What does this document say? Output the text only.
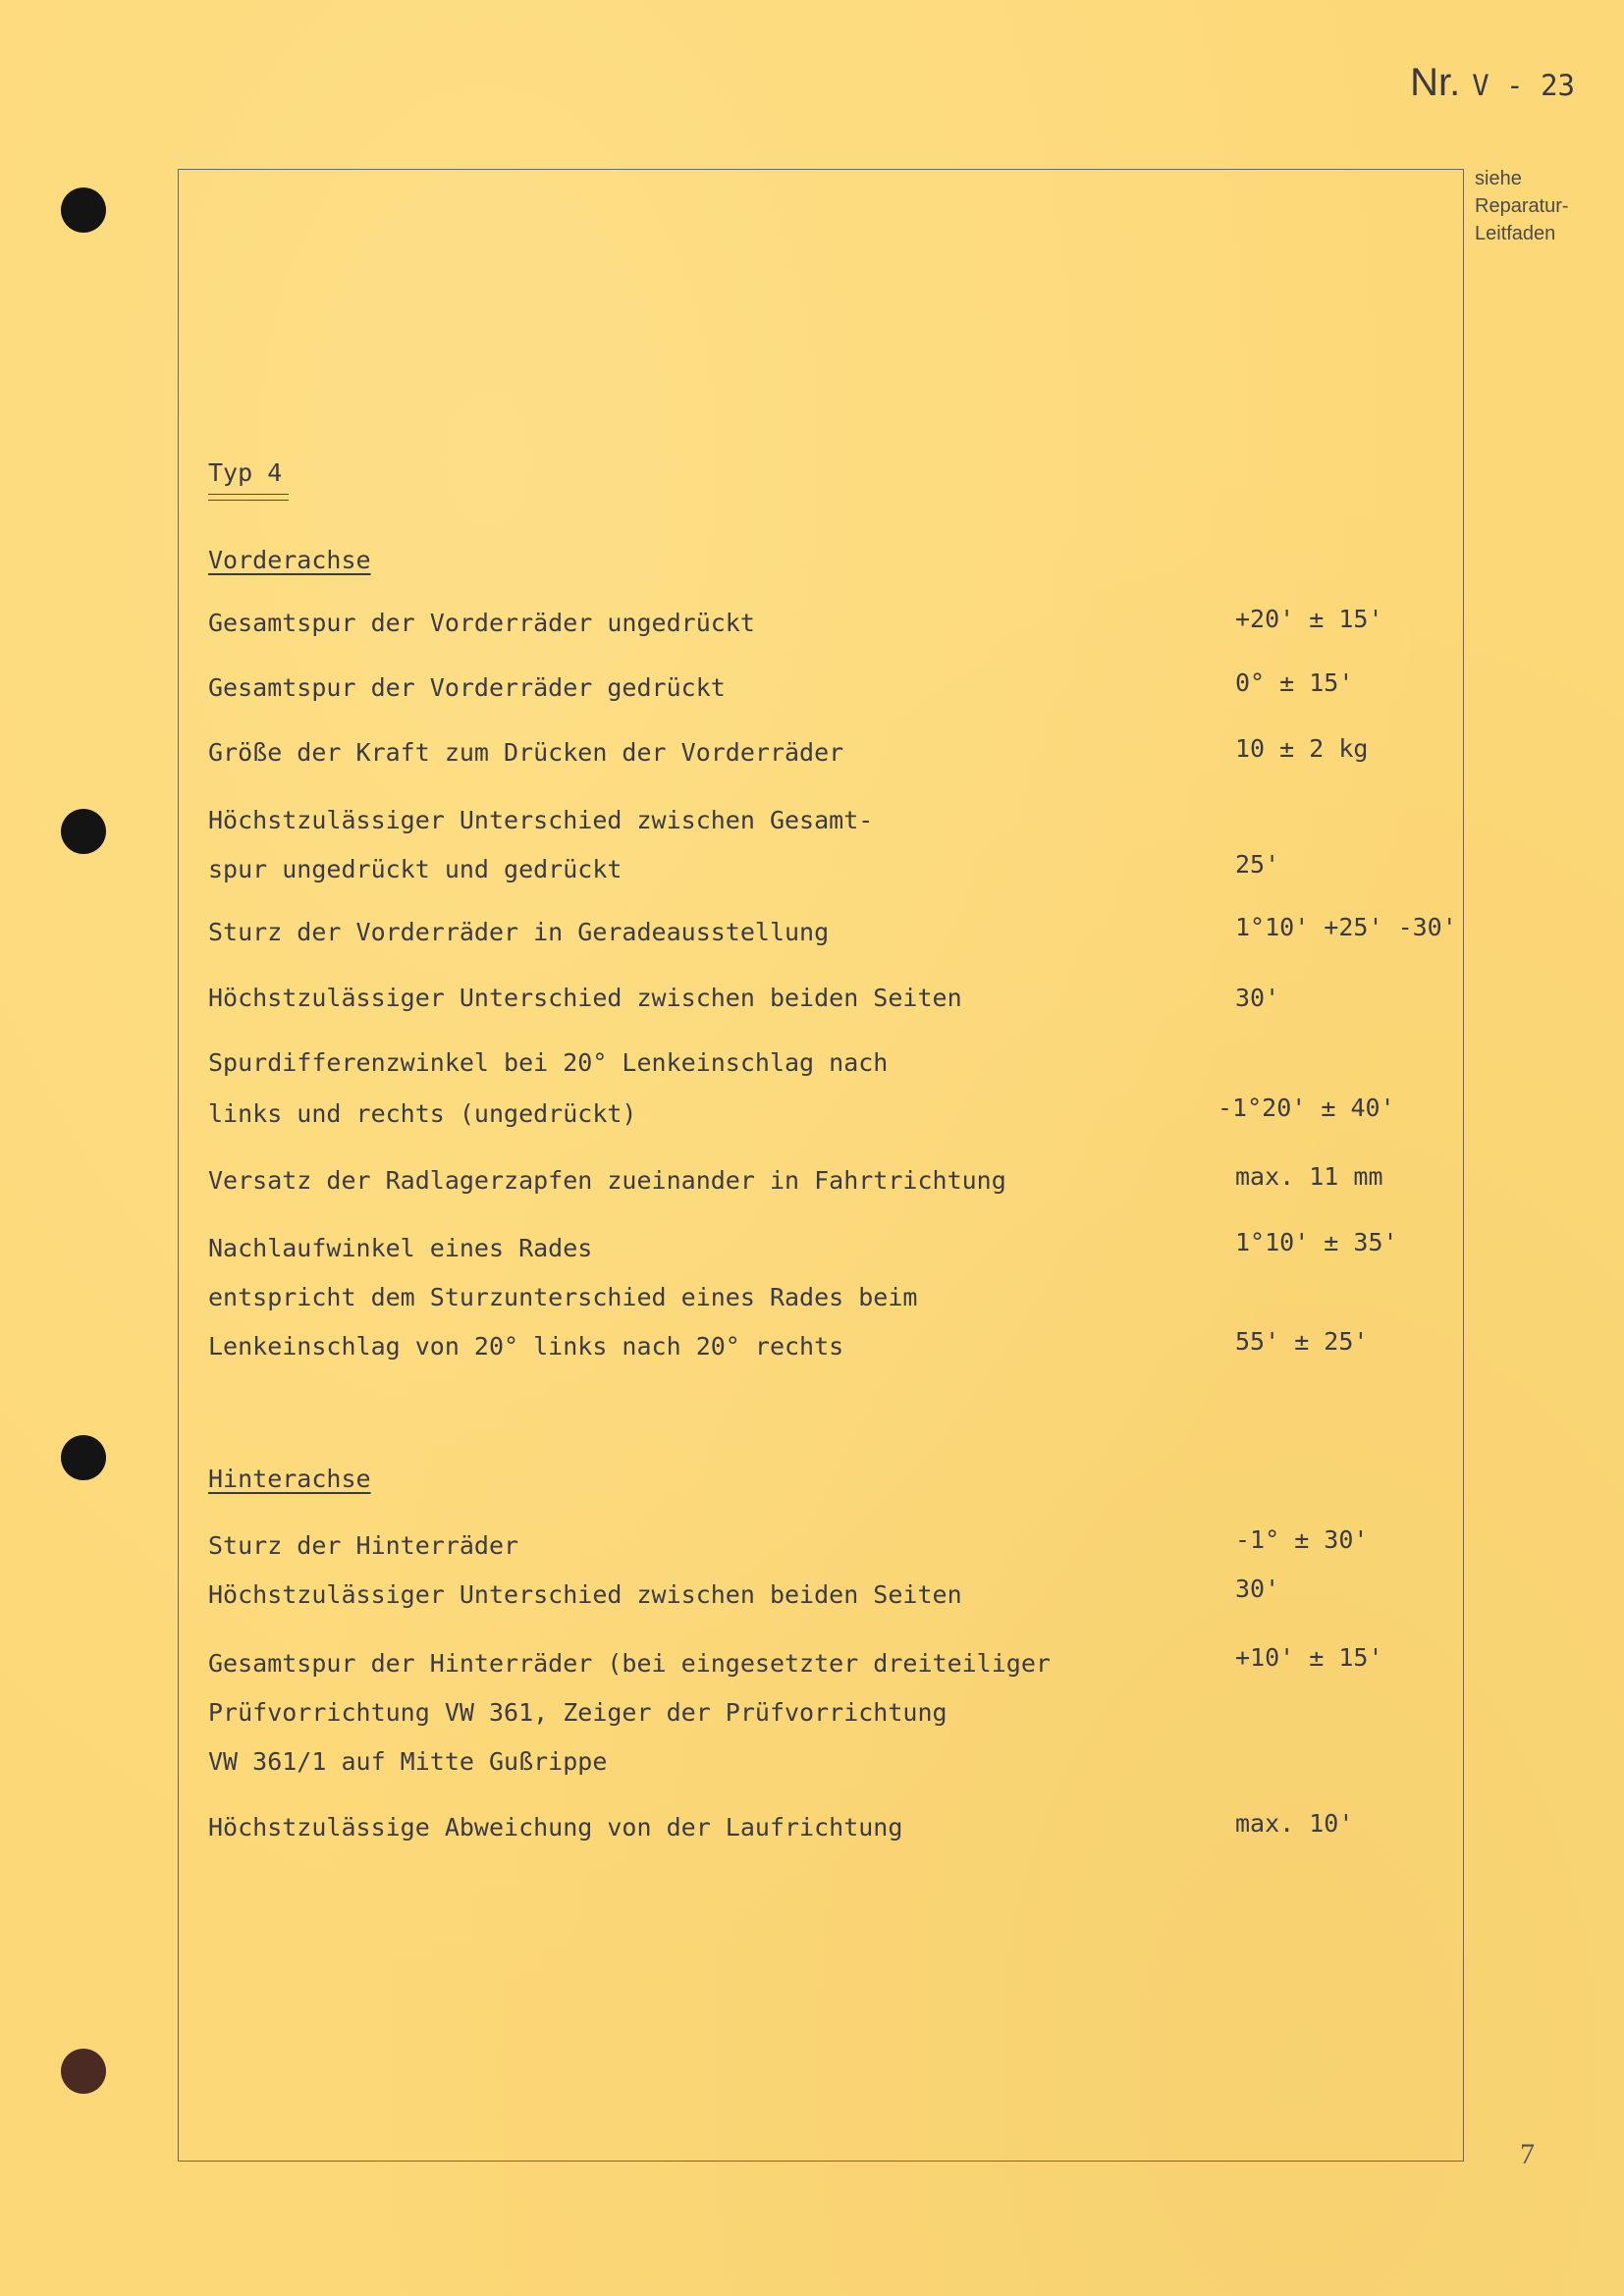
Nr. V - 23
siehe
Reparatur-
Leitfaden
Typ 4
Vorderachse
Gesamtspur der Vorderräder ungedrückt	+20' ± 15'
Gesamtspur der Vorderräder gedrückt	0° ± 15'
Größe der Kraft zum Drücken der Vorderräder	10 ± 2 kg
Höchstzulässiger Unterschied zwischen Gesamt-
spur ungedrückt und gedrückt	25'
Sturz der Vorderräder in Geradeausstellung	1°10' +25' -30'
Höchstzulässiger Unterschied zwischen beiden Seiten	30'
Spurdifferenzwinkel bei 20° Lenkeinschlag nach
links und rechts (ungedrückt)	-1°20' ± 40'
Versatz der Radlagerzapfen zueinander in Fahrtrichtung	max. 11 mm
Nachlaufwinkel eines Rades	1°10' ± 35'
entspricht dem Sturzunterschied eines Rades beim
Lenkeinschlag von 20° links nach 20° rechts	55' ± 25'
Hinterachse
Sturz der Hinterräder	-1° ± 30'
Höchstzulässiger Unterschied zwischen beiden Seiten	30'
Gesamtspur der Hinterräder (bei eingesetzter dreiteiliger	+10' ± 15'
Prüfvorrichtung VW 361, Zeiger der Prüfvorrichtung
VW 361/1 auf Mitte Gußrippe
Höchstzulässige Abweichung von der Laufrichtung	max. 10'
7
